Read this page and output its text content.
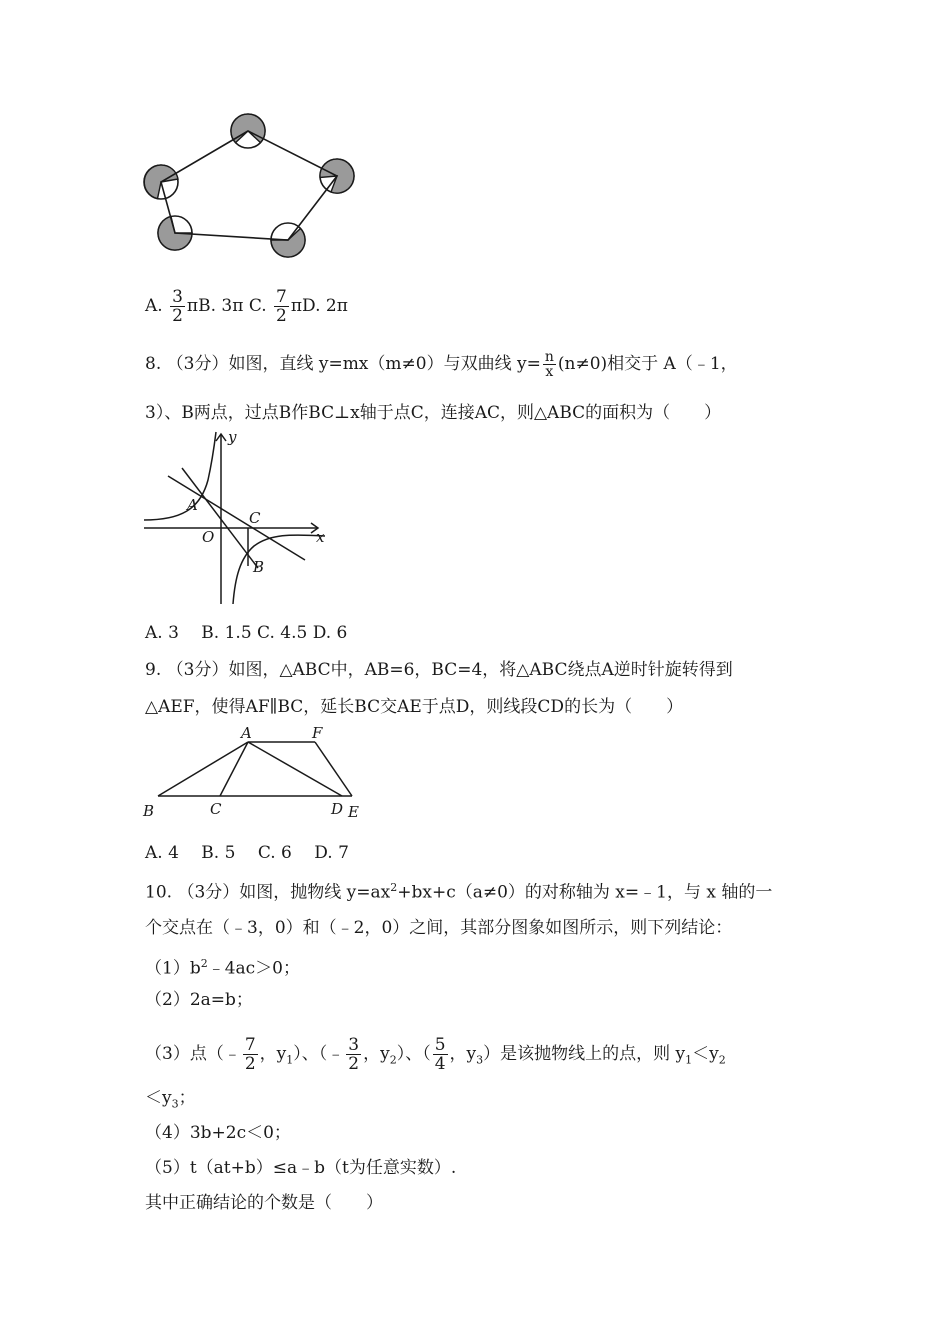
A. $\frac{3}{2} \pi B$. 3π C. $\frac{7}{2} \pi D$. 2π
8. （3分）如图，直线 y=mx（m≠0）与双曲线 $y= \frac{n}{x} (n\ne 0)$相交于 A（﹣1，
3）、B两点，过点B作BC⊥x轴于点C，连接AC，则△ABC的面积为（　　）
y
x
A
O
C
B
A. 3　 B. 1.5 C. 4.5 D. 6
9. （3分）如图，△ABC中，AB=6，BC=4，将△ABC绕点A逆时针旋转得到
△AEF，使得AF∥BC，延长BC交AE于点D，则线段CD的长为（　　）
A	F
B	C	D E
A. 4　 B. 5　 C. 6　 D. 7
10. （3分）如图，抛物线 $y=ax^2+bx+c(a\ne 0)$的对称轴为 x=﹣1，与 x 轴的一
个交点在（﹣3，0）和（﹣2，0）之间，其部分图象如图所示，则下列结论：
$(1)b^2﹣4ac>0$；
（2）2a=b；
（3）点（﹣ $\frac{7}{2}$ ，$y_1$）、（﹣ $\frac{3}{2}$ ，$y_2$）、（ $\frac{5}{4}$ ，$y_3$）是该抛物线上的点，则 $y_1<y_2$
$<y_3$；
（4）3b+2c＜0；
（5）t（at+b）≤a﹣b（t为任意实数）.
其中正确结论的个数是（　　）
